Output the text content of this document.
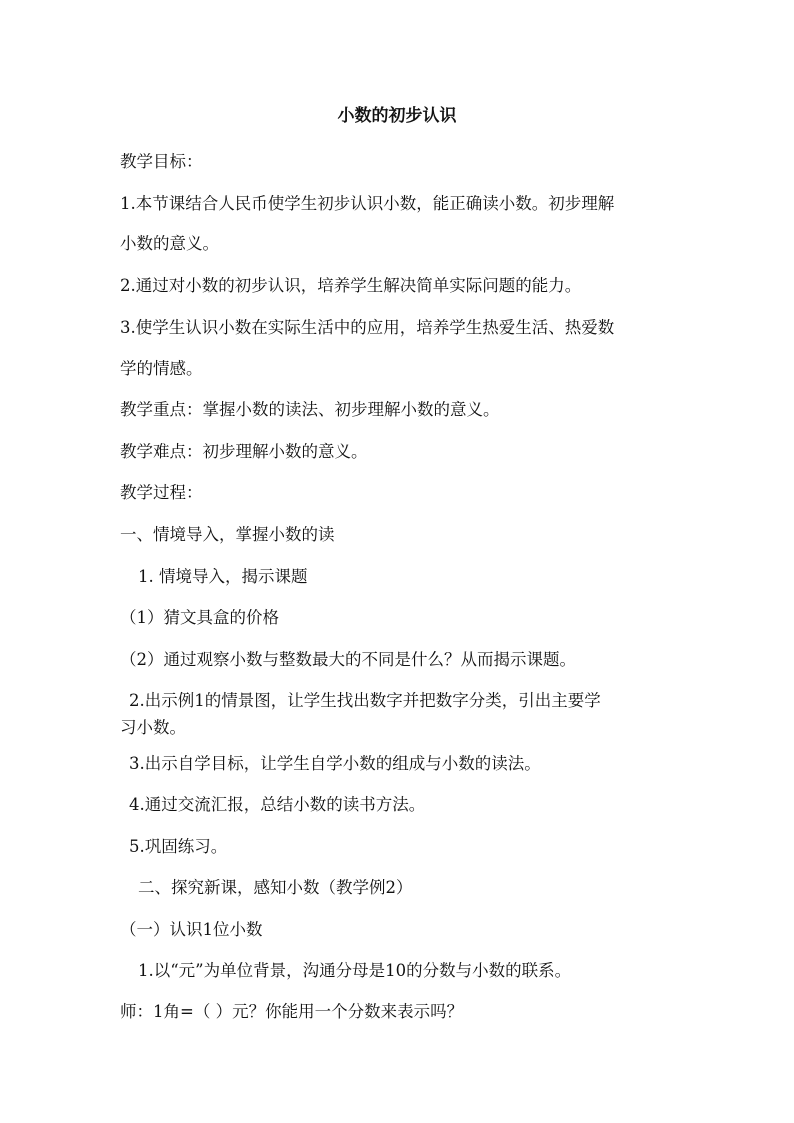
小数的初步认识
教学目标：
1.本节课结合人民币使学生初步认识小数，能正确读小数。初步理解
小数的意义。
2.通过对小数的初步认识，培养学生解决简单实际问题的能力。
3.使学生认识小数在实际生活中的应用，培养学生热爱生活、热爱数
学的情感。
教学重点：掌握小数的读法、初步理解小数的意义。
教学难点：初步理解小数的意义。
教学过程：
一、情境导入，掌握小数的读
1. 情境导入，揭示课题
（1）猜文具盒的价格
（2）通过观察小数与整数最大的不同是什么？从而揭示课题。
2.出示例1的情景图，让学生找出数字并把数字分类，引出主要学
习小数。
3.出示自学目标，让学生自学小数的组成与小数的读法。
4.通过交流汇报，总结小数的读书方法。
5.巩固练习。
二、探究新课，感知小数（教学例2）
（一）认识1位小数
1.以“元”为单位背景，沟通分母是10的分数与小数的联系。
师：1角=（ ）元？你能用一个分数来表示吗？
